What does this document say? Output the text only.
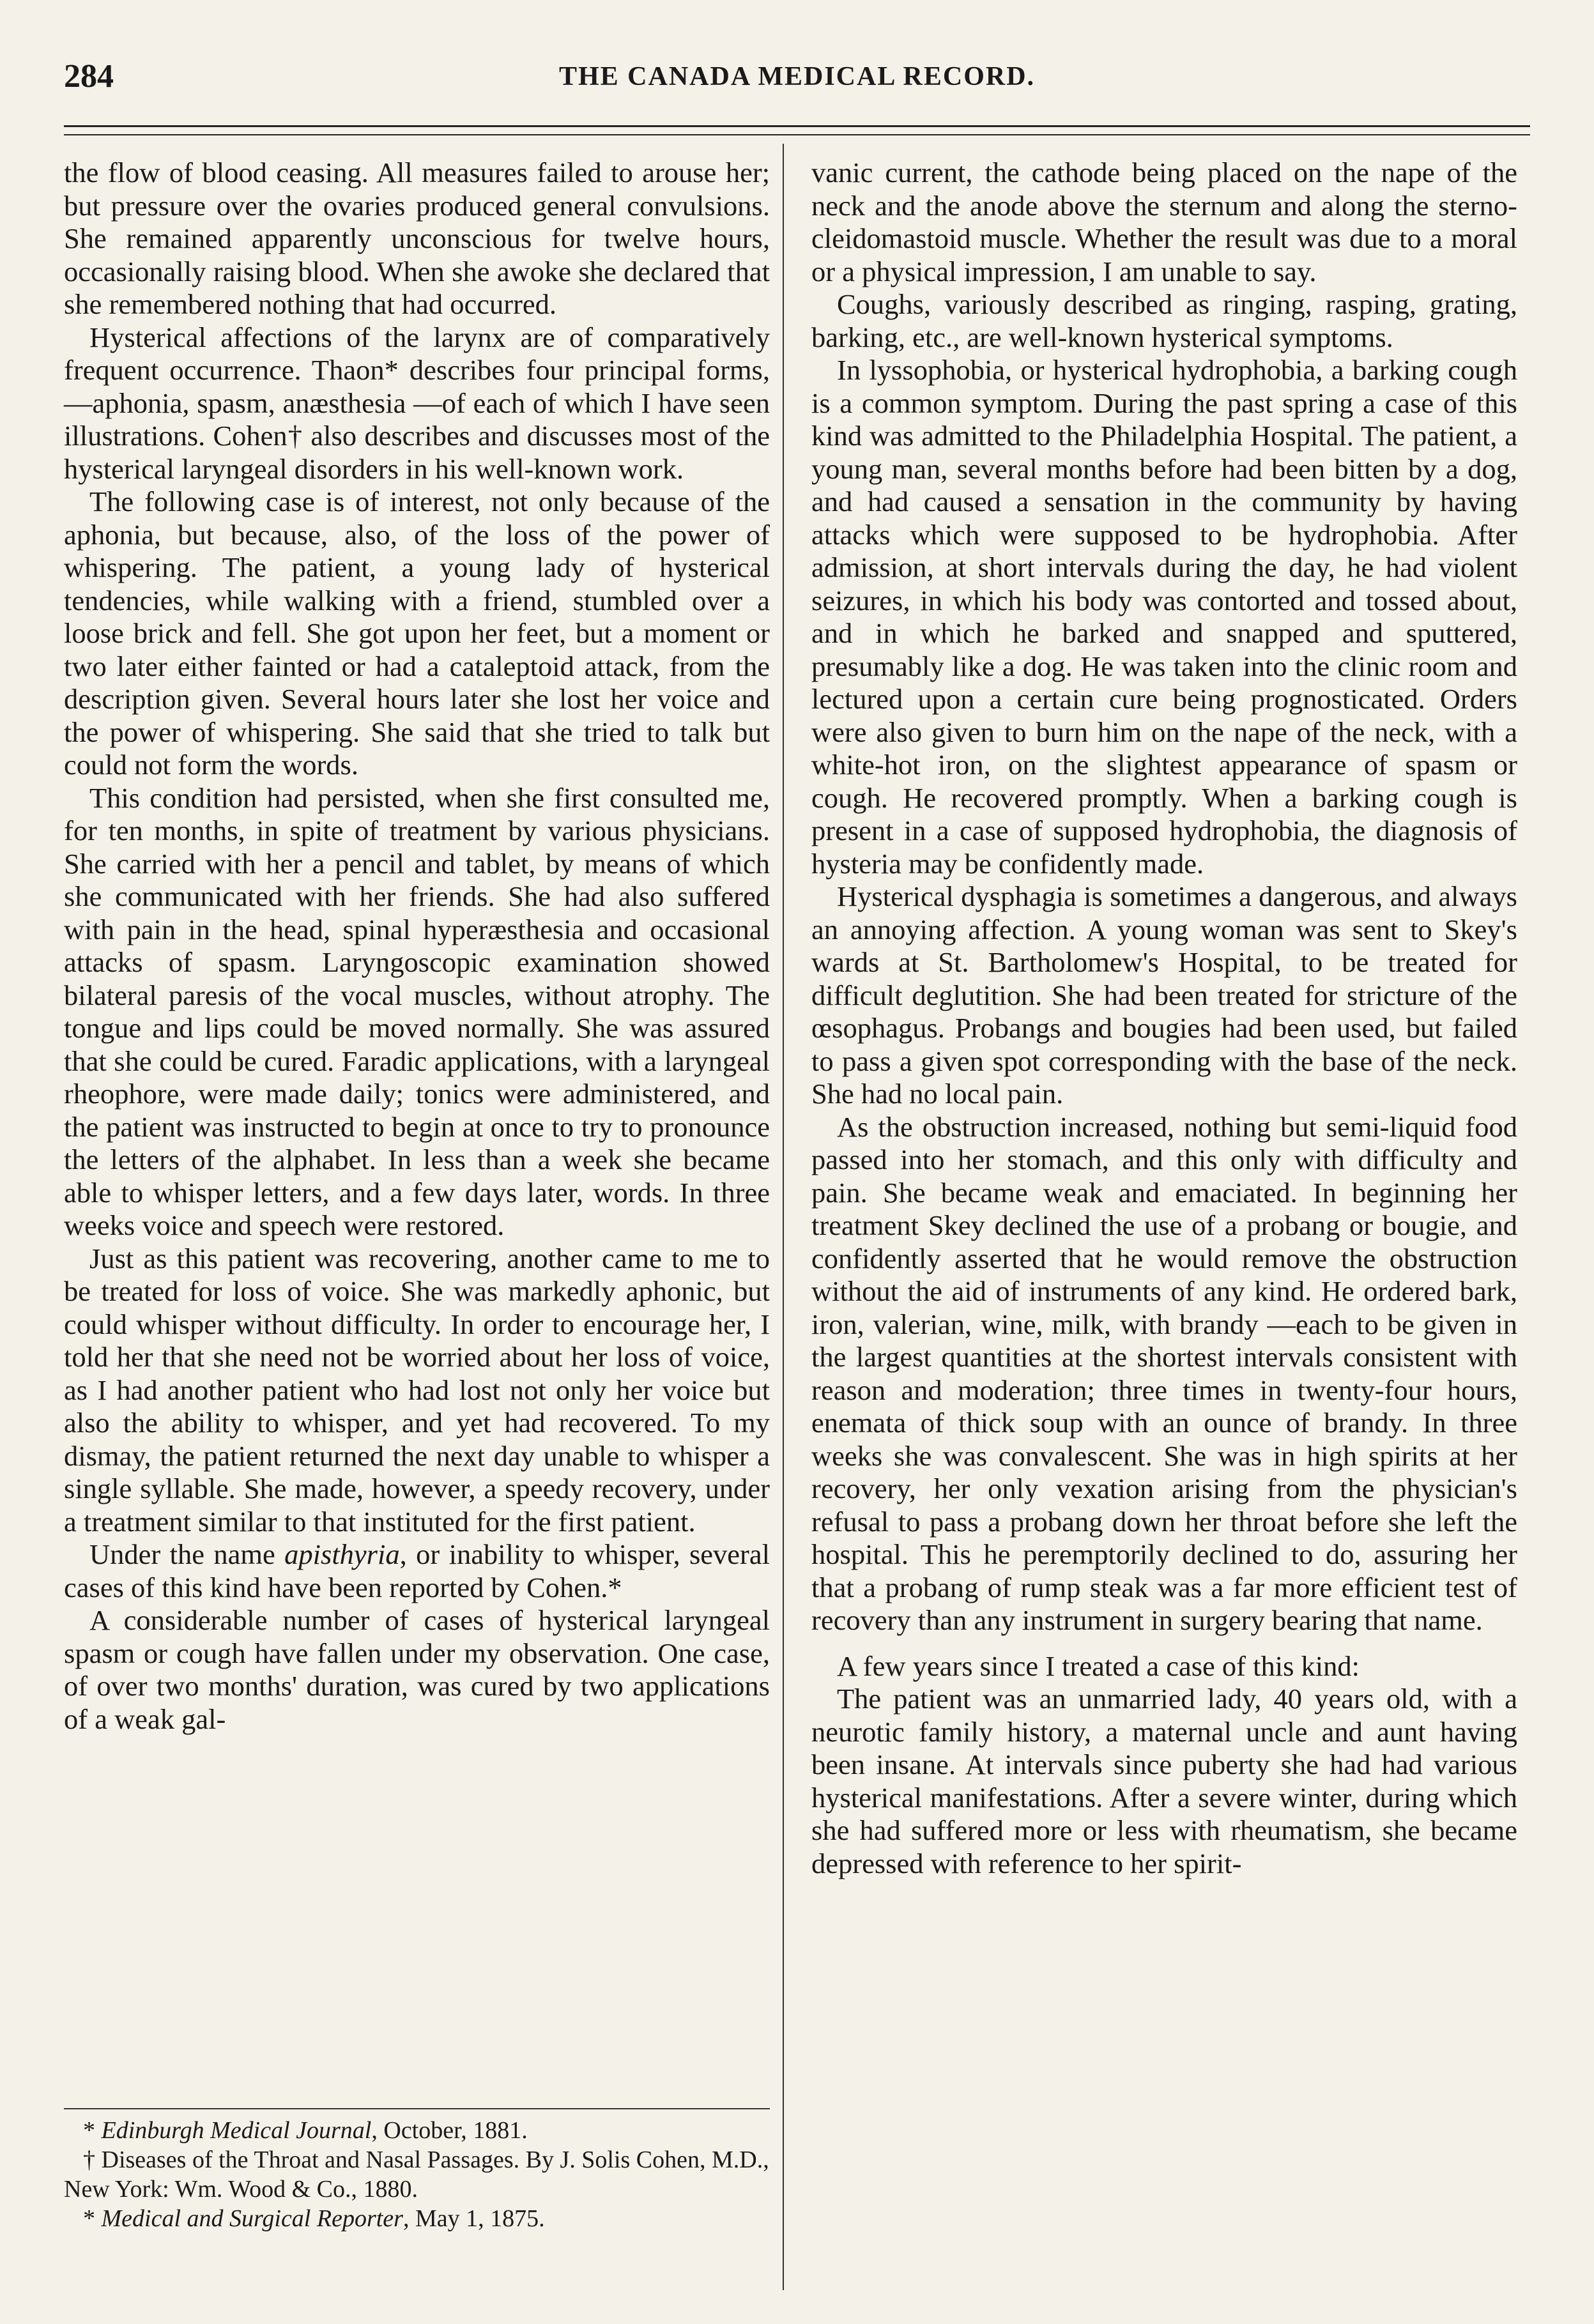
284	THE CANADA MEDICAL RECORD.

the flow of blood ceasing. All measures failed to arouse her; but pressure over the ovaries produced general convulsions. She remained apparently unconscious for twelve hours, occasionally raising blood. When she awoke she declared that she remembered nothing that had occurred.

Hysterical affections of the larynx are of comparatively frequent occurrence. Thaon* describes four principal forms,—aphonia, spasm, anæsthesia —of each of which I have seen illustrations. Cohen† also describes and discusses most of the hysterical laryngeal disorders in his well-known work.

The following case is of interest, not only because of the aphonia, but because, also, of the loss of the power of whispering. The patient, a young lady of hysterical tendencies, while walking with a friend, stumbled over a loose brick and fell. She got upon her feet, but a moment or two later either fainted or had a cataleptoid attack, from the description given. Several hours later she lost her voice and the power of whispering. She said that she tried to talk but could not form the words.

This condition had persisted, when she first consulted me, for ten months, in spite of treatment by various physicians. She carried with her a pencil and tablet, by means of which she communicated with her friends. She had also suffered with pain in the head, spinal hyperæsthesia and occasional attacks of spasm. Laryngoscopic examination showed bilateral paresis of the vocal muscles, without atrophy. The tongue and lips could be moved normally. She was assured that she could be cured. Faradic applications, with a laryngeal rheophore, were made daily; tonics were administered, and the patient was instructed to begin at once to try to pronounce the letters of the alphabet. In less than a week she became able to whisper letters, and a few days later, words. In three weeks voice and speech were restored.

Just as this patient was recovering, another came to me to be treated for loss of voice. She was markedly aphonic, but could whisper without difficulty. In order to encourage her, I told her that she need not be worried about her loss of voice, as I had another patient who had lost not only her voice but also the ability to whisper, and yet had recovered. To my dismay, the patient returned the next day unable to whisper a single syllable. She made, however, a speedy recovery, under a treatment similar to that instituted for the first patient.

Under the name apisthyria, or inability to whisper, several cases of this kind have been reported by Cohen.*

A considerable number of cases of hysterical laryngeal spasm or cough have fallen under my observation. One case, of over two months' duration, was cured by two applications of a weak gal-

vanic current, the cathode being placed on the nape of the neck and the anode above the sternum and along the sterno-cleidomastoid muscle. Whether the result was due to a moral or a physical impression, I am unable to say.

Coughs, variously described as ringing, rasping, grating, barking, etc., are well-known hysterical symptoms.

In lyssophobia, or hysterical hydrophobia, a barking cough is a common symptom. During the past spring a case of this kind was admitted to the Philadelphia Hospital. The patient, a young man, several months before had been bitten by a dog, and had caused a sensation in the community by having attacks which were supposed to be hydrophobia. After admission, at short intervals during the day, he had violent seizures, in which his body was contorted and tossed about, and in which he barked and snapped and sputtered, presumably like a dog. He was taken into the clinic room and lectured upon a certain cure being prognosticated. Orders were also given to burn him on the nape of the neck, with a white-hot iron, on the slightest appearance of spasm or cough. He recovered promptly. When a barking cough is present in a case of supposed hydrophobia, the diagnosis of hysteria may be confidently made.

Hysterical dysphagia is sometimes a dangerous, and always an annoying affection. A young woman was sent to Skey's wards at St. Bartholomew's Hospital, to be treated for difficult deglutition. She had been treated for stricture of the œsophagus. Probangs and bougies had been used, but failed to pass a given spot corresponding with the base of the neck. She had no local pain.

As the obstruction increased, nothing but semi-liquid food passed into her stomach, and this only with difficulty and pain. She became weak and emaciated. In beginning her treatment Skey declined the use of a probang or bougie, and confidently asserted that he would remove the obstruction without the aid of instruments of any kind. He ordered bark, iron, valerian, wine, milk, with brandy —each to be given in the largest quantities at the shortest intervals consistent with reason and moderation; three times in twenty-four hours, enemata of thick soup with an ounce of brandy. In three weeks she was convalescent. She was in high spirits at her recovery, her only vexation arising from the physician's refusal to pass a probang down her throat before she left the hospital. This he peremptorily declined to do, assuring her that a probang of rump steak was a far more efficient test of recovery than any instrument in surgery bearing that name.

A few years since I treated a case of this kind:

The patient was an unmarried lady, 40 years old, with a neurotic family history, a maternal uncle and aunt having been insane. At intervals since puberty she had had various hysterical manifestations. After a severe winter, during which she had suffered more or less with rheumatism, she became depressed with reference to her spirit-

* Edinburgh Medical Journal, October, 1881.

† Diseases of the Throat and Nasal Passages. By J. Solis Cohen, M.D., New York: Wm. Wood & Co., 1880.

* Medical and Surgical Reporter, May 1, 1875.
